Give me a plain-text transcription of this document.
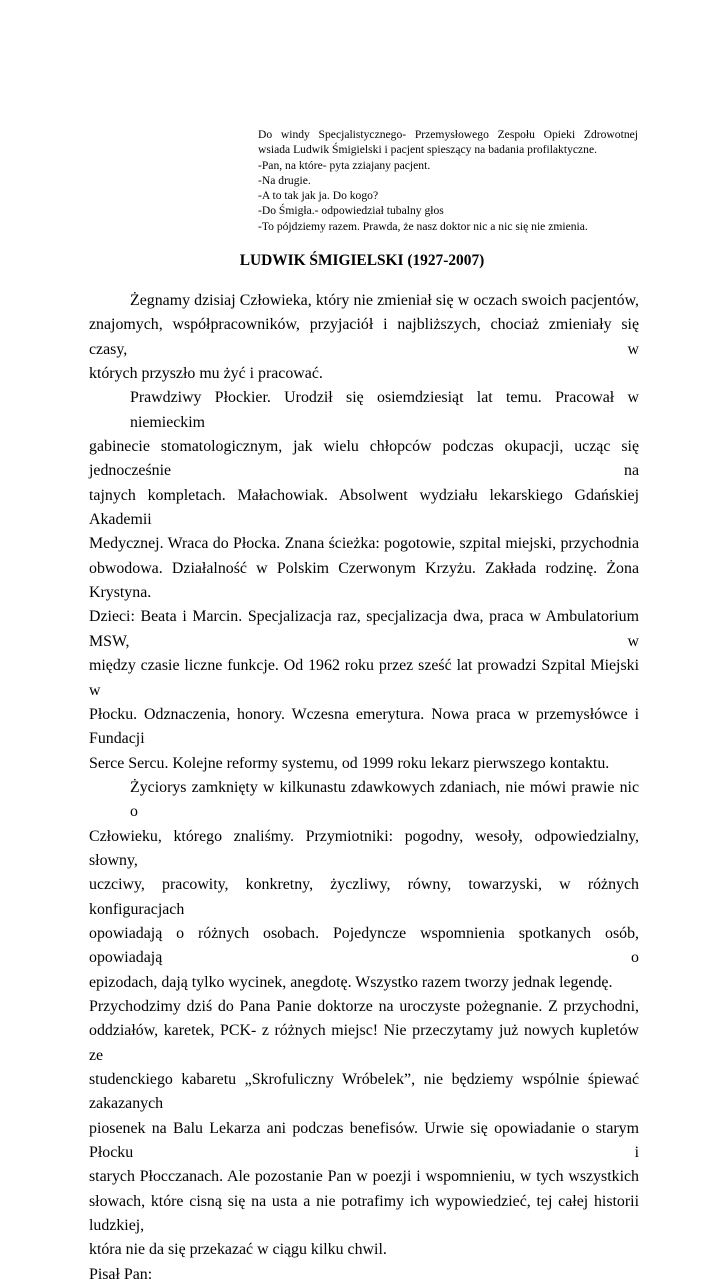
Do windy Specjalistycznego- Przemysłowego Zespołu Opieki Zdrowotnej
wsiada Ludwik Śmigielski i pacjent spieszący na badania profilaktyczne.
-Pan, na które- pyta zziajany pacjent.
-Na drugie.
-A to tak jak ja. Do kogo?
-Do Śmigła.- odpowiedział tubalny głos
-To pójdziemy razem. Prawda, że nasz doktor nic a nic się nie zmienia.
LUDWIK ŚMIGIELSKI (1927-2007)
Żegnamy dzisiaj Człowieka, który nie zmieniał się w oczach swoich pacjentów,
znajomych, współpracowników, przyjaciół i najbliższych, chociaż zmieniały się czasy, w
których przyszło mu żyć i pracować.
Prawdziwy Płockier. Urodził się osiemdziesiąt lat temu. Pracował w niemieckim
gabinecie stomatologicznym, jak wielu chłopców podczas okupacji, ucząc się jednocześnie na
tajnych kompletach. Małachowiak. Absolwent wydziału lekarskiego Gdańskiej Akademii
Medycznej. Wraca do Płocka. Znana ścieżka: pogotowie, szpital miejski, przychodnia
obwodowa. Działalność w Polskim Czerwonym Krzyżu. Zakłada rodzinę. Żona Krystyna.
Dzieci: Beata i Marcin. Specjalizacja raz, specjalizacja dwa, praca w Ambulatorium MSW, w
między czasie liczne funkcje. Od 1962 roku przez sześć lat prowadzi Szpital Miejski w
Płocku. Odznaczenia, honory. Wczesna emerytura. Nowa praca w przemysłówce i Fundacji
Serce Sercu. Kolejne reformy systemu, od 1999 roku lekarz pierwszego kontaktu.
Życiorys zamknięty w kilkunastu zdawkowych zdaniach, nie mówi prawie nic o
Człowieku, którego znaliśmy. Przymiotniki: pogodny, wesoły, odpowiedzialny, słowny,
uczciwy, pracowity, konkretny, życzliwy, równy, towarzyski, w różnych konfiguracjach
opowiadają o różnych osobach. Pojedyncze wspomnienia spotkanych osób, opowiadają o
epizodach, dają tylko wycinek, anegdotę. Wszystko razem tworzy jednak legendę.
Przychodzimy dziś do Pana Panie doktorze na uroczyste pożegnanie. Z przychodni,
oddziałów, karetek, PCK- z różnych miejsc! Nie przeczytamy już nowych kupletów ze
studenckiego kabaretu „Skrofuliczny Wróbelek”, nie będziemy wspólnie śpiewać zakazanych
piosenek na Balu Lekarza ani podczas benefisów. Urwie się opowiadanie o starym Płocku i
starych Płocczanach. Ale pozostanie Pan w poezji i wspomnieniu, w tych wszystkich
słowach, które cisną się na usta a nie potrafimy ich wypowiedzieć, tej całej historii ludzkiej,
która nie da się przekazać w ciągu kilku chwil.
Pisał Pan:
